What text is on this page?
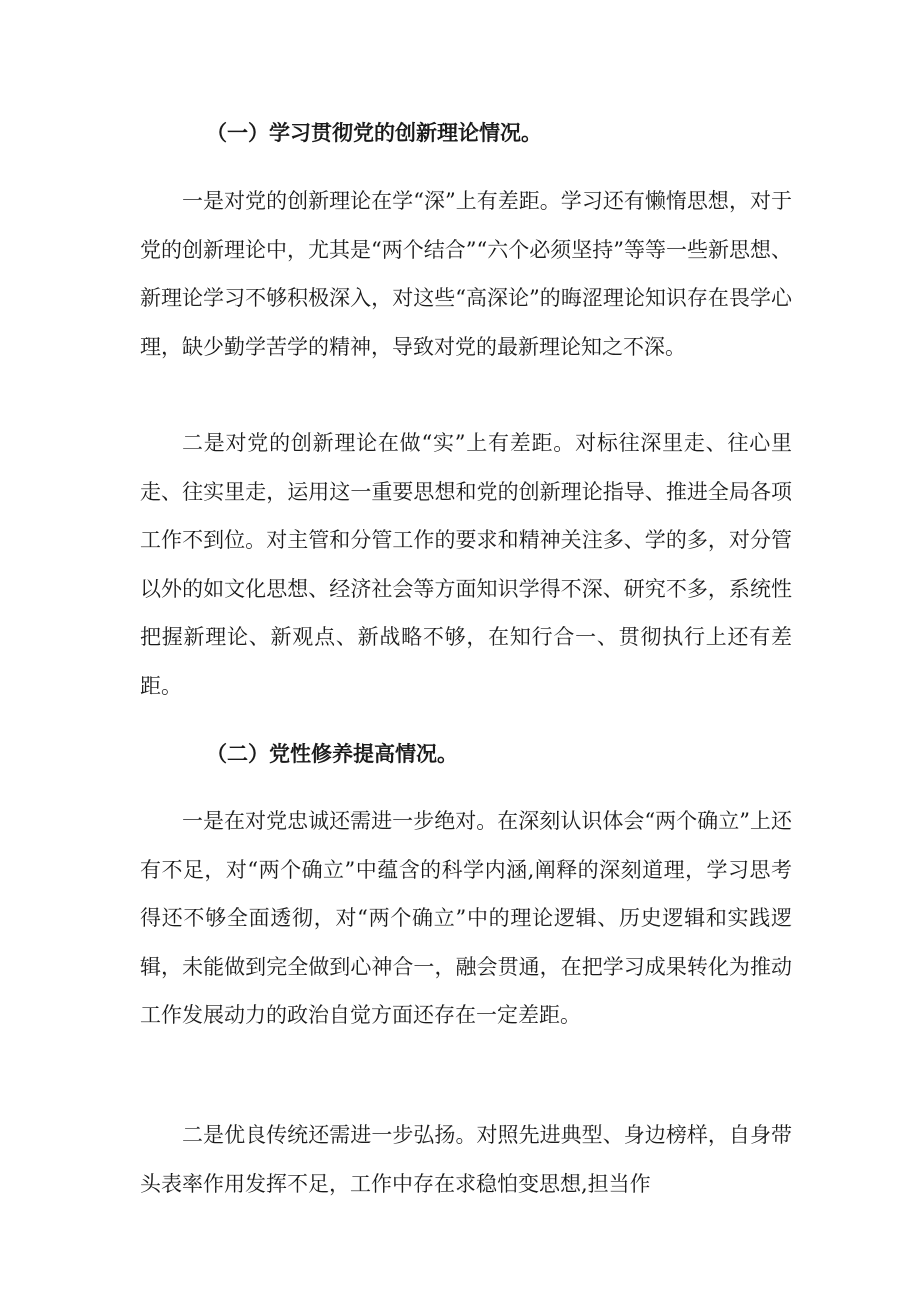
（一）学习贯彻党的创新理论情况。

一是对党的创新理论在学“深”上有差距。学习还有懒惰思想，对于党的创新理论中，尤其是“两个结合”“六个必须坚持”等等一些新思想、新理论学习不够积极深入，对这些“高深论”的晦涩理论知识存在畏学心理，缺少勤学苦学的精神，导致对党的最新理论知之不深。

二是对党的创新理论在做“实”上有差距。对标往深里走、往心里走、往实里走，运用这一重要思想和党的创新理论指导、推进全局各项工作不到位。对主管和分管工作的要求和精神关注多、学的多，对分管以外的如文化思想、经济社会等方面知识学得不深、研究不多，系统性把握新理论、新观点、新战略不够，在知行合一、贯彻执行上还有差距。

（二）党性修养提高情况。

一是在对党忠诚还需进一步绝对。在深刻认识体会“两个确立”上还有不足，对“两个确立”中蕴含的科学内涵,阐释的深刻道理，学习思考得还不够全面透彻，对“两个确立”中的理论逻辑、历史逻辑和实践逻辑，未能做到完全做到心神合一，融会贯通，在把学习成果转化为推动工作发展动力的政治自觉方面还存在一定差距。

二是优良传统还需进一步弘扬。对照先进典型、身边榜样，自身带头表率作用发挥不足，工作中存在求稳怕变思想,担当作
